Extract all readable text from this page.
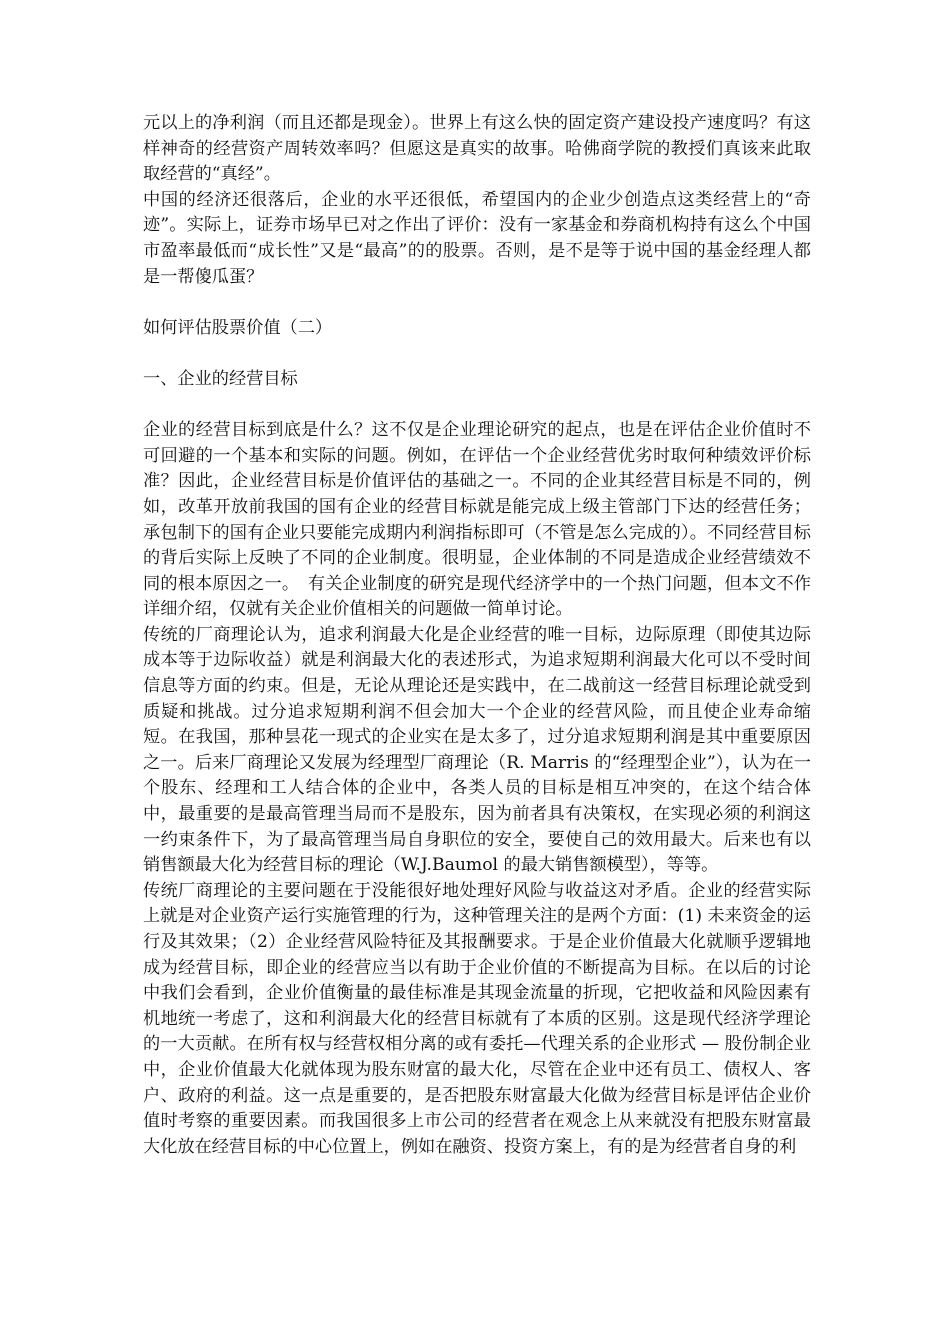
元以上的净利润（而且还都是现金）。世界上有这么快的固定资产建设投产速度吗？有这样神奇的经营资产周转效率吗？但愿这是真实的故事。哈佛商学院的教授们真该来此取取经营的“真经”。

中国的经济还很落后，企业的水平还很低，希望国内的企业少创造点这类经营上的“奇迹”。实际上，证券市场早已对之作出了评价：没有一家基金和券商机构持有这么个中国市盈率最低而“成长性”又是“最高”的的股票。否则，是不是等于说中国的基金经理人都是一帮傻瓜蛋？

如何评估股票价值（二）

一、企业的经营目标

企业的经营目标到底是什么？这不仅是企业理论研究的起点，也是在评估企业价值时不可回避的一个基本和实际的问题。例如，在评估一个企业经营优劣时取何种绩效评价标准？因此，企业经营目标是价值评估的基础之一。不同的企业其经营目标是不同的，例如，改革开放前我国的国有企业的经营目标就是能完成上级主管部门下达的经营任务；承包制下的国有企业只要能完成期内利润指标即可（不管是怎么完成的）。不同经营目标的背后实际上反映了不同的企业制度。很明显，企业体制的不同是造成企业经营绩效不同的根本原因之一。　有关企业制度的研究是现代经济学中的一个热门问题，但本文不作详细介绍，仅就有关企业价值相关的问题做一简单讨论。

传统的厂商理论认为，追求利润最大化是企业经营的唯一目标，边际原理（即使其边际成本等于边际收益）就是利润最大化的表述形式，为追求短期利润最大化可以不受时间信息等方面的约束。但是，无论从理论还是实践中，在二战前这一经营目标理论就受到质疑和挑战。过分追求短期利润不但会加大一个企业的经营风险，而且使企业寿命缩短。在我国，那种昙花一现式的企业实在是太多了，过分追求短期利润是其中重要原因之一。后来厂商理论又发展为经理型厂商理论（R. Marris 的“经理型企业”），认为在一个股东、经理和工人结合体的企业中，各类人员的目标是相互冲突的，在这个结合体中，最重要的是最高管理当局而不是股东，因为前者具有决策权，在实现必须的利润这一约束条件下，为了最高管理当局自身职位的安全，要使自己的效用最大。后来也有以销售额最大化为经营目标的理论（W.J.Baumol 的最大销售额模型），等等。

传统厂商理论的主要问题在于没能很好地处理好风险与收益这对矛盾。企业的经营实际上就是对企业资产运行实施管理的行为，这种管理关注的是两个方面：(1) 未来资金的运行及其效果；（2）企业经营风险特征及其报酬要求。于是企业价值最大化就顺乎逻辑地成为经营目标，即企业的经营应当以有助于企业价值的不断提高为目标。在以后的讨论中我们会看到，企业价值衡量的最佳标准是其现金流量的折现，它把收益和风险因素有机地统一考虑了，这和利润最大化的经营目标就有了本质的区别。这是现代经济学理论的一大贡献。在所有权与经营权相分离的或有委托—代理关系的企业形式 — 股份制企业中，企业价值最大化就体现为股东财富的最大化，尽管在企业中还有员工、债权人、客户、政府的利益。这一点是重要的，是否把股东财富最大化做为经营目标是评估企业价值时考察的重要因素。而我国很多上市公司的经营者在观念上从来就没有把股东财富最大化放在经营目标的中心位置上，例如在融资、投资方案上，有的是为经营者自身的利
